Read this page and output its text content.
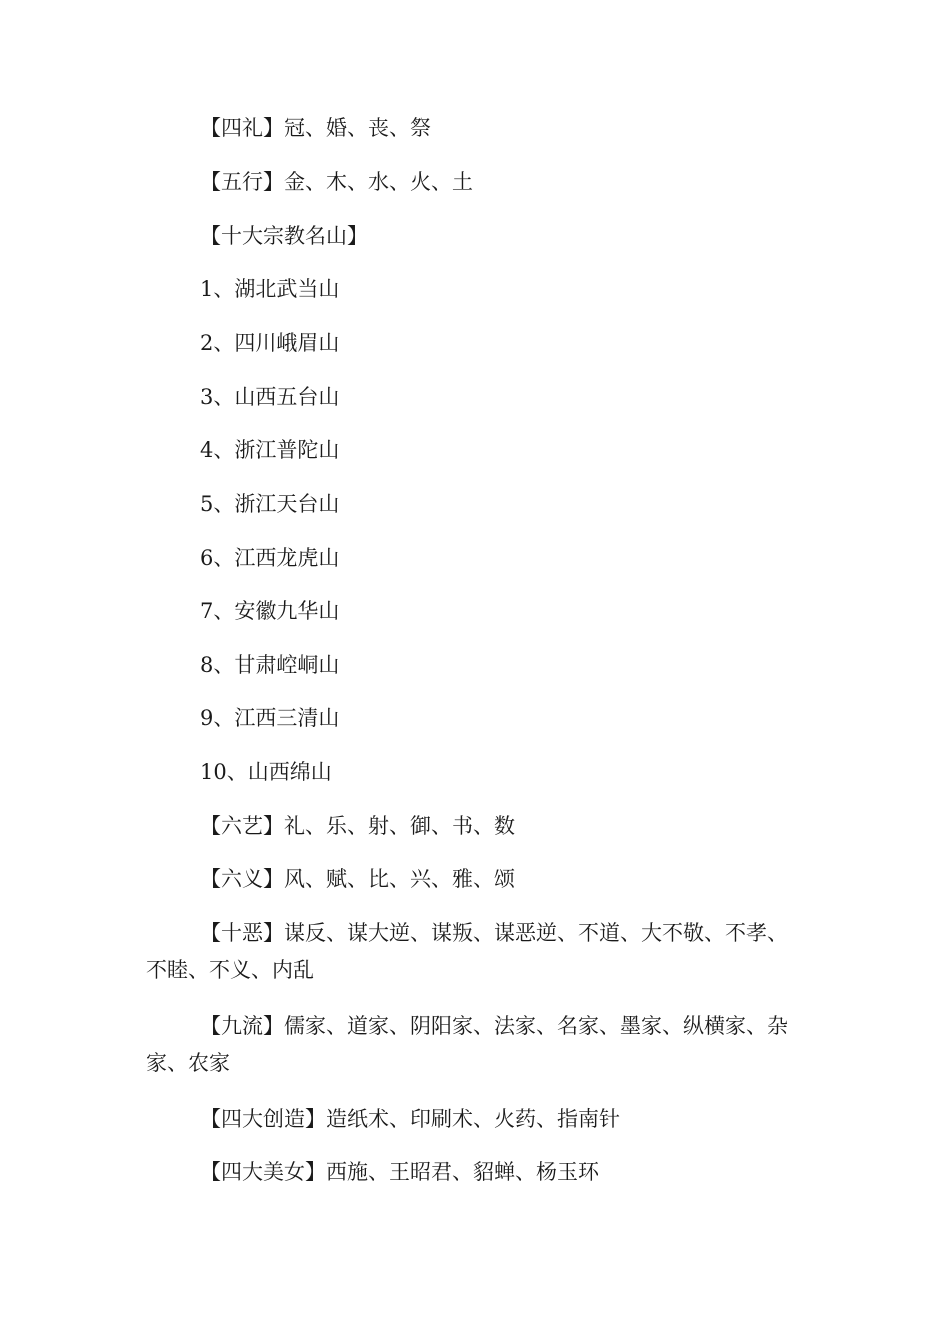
【四礼】冠、婚、丧、祭

【五行】金、木、水、火、土

【十大宗教名山】

1、湖北武当山

2、四川峨眉山

3、山西五台山

4、浙江普陀山

5、浙江天台山

6、江西龙虎山

7、安徽九华山

8、甘肃崆峒山

9、江西三清山

10、山西绵山

【六艺】礼、乐、射、御、书、数

【六义】风、赋、比、兴、雅、颂

【十恶】谋反、谋大逆、谋叛、谋恶逆、不道、大不敬、不孝、不睦、不义、内乱

【九流】儒家、道家、阴阳家、法家、名家、墨家、纵横家、杂家、农家

【四大创造】造纸术、印刷术、火药、指南针

【四大美女】西施、王昭君、貂蝉、杨玉环
